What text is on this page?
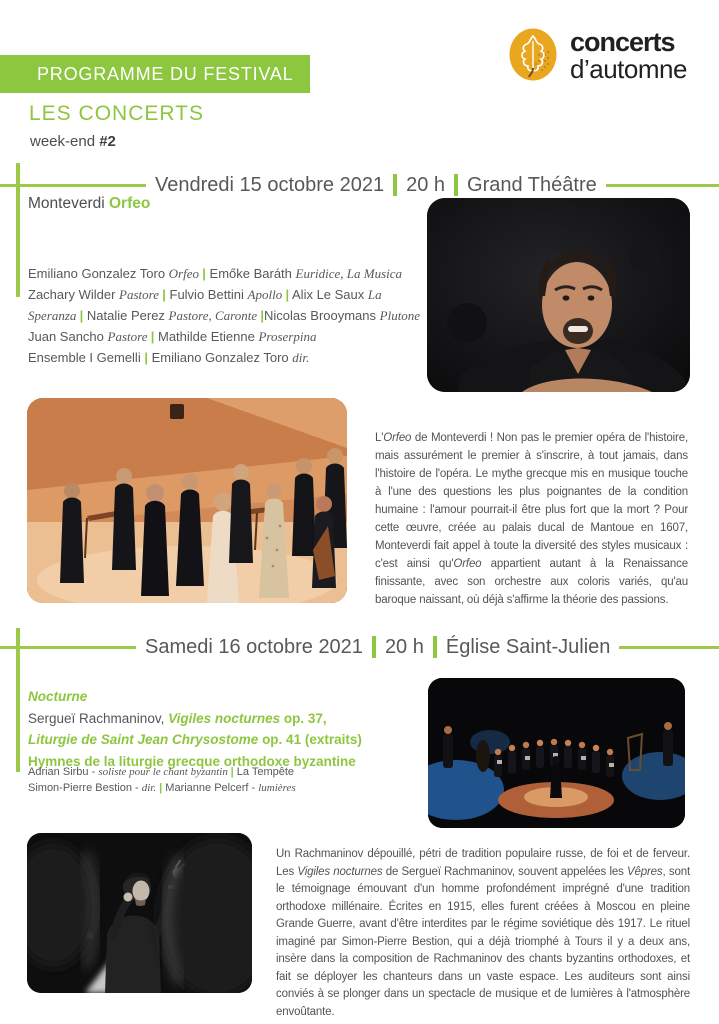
PROGRAMME DU FESTIVAL
concerts
d’automne
LES CONCERTS
week-end #2
Vendredi 15 octobre 2021 20 h Grand Théâtre
Monteverdi Orfeo
Emiliano Gonzalez Toro Orfeo | Emőke Baráth Euridice, La Musica
Zachary Wilder Pastore | Fulvio Bettini Apollo | Alix Le Saux La
Speranza | Natalie Perez Pastore, Caronte |Nicolas Brooymans Plutone
Juan Sancho Pastore | Mathilde Etienne Proserpina
Ensemble I Gemelli | Emiliano Gonzalez Toro dir.
L'Orfeo de Monteverdi ! Non pas le premier opéra de l'histoire, mais assurément le premier à s'inscrire, à tout jamais, dans l'histoire de l'opéra. Le mythe grecque mis en musique touche à l'une des questions les plus poignantes de la condition humaine : l'amour pourrait-il être plus fort que la mort ? Pour cette œuvre, créée au palais ducal de Mantoue en 1607, Monteverdi fait appel à toute la diversité des styles musicaux : c'est ainsi qu'Orfeo appartient autant à la Renaissance finissante, avec son orchestre aux coloris variés, qu'au baroque naissant, où déjà s'affirme la théorie des passions.
Samedi 16 octobre 2021 20 h Église Saint-Julien
Nocturne
Sergueï Rachmaninov, Vigiles nocturnes op. 37,
Liturgie de Saint Jean Chrysostome op. 41 (extraits)
Hymnes de la liturgie grecque orthodoxe byzantine
Adrian Sirbu - soliste pour le chant byzantin | La Tempête
Simon-Pierre Bestion - dir. | Marianne Pelcerf - lumières
Un Rachmaninov dépouillé, pétri de tradition populaire russe, de foi et de ferveur. Les Vigiles nocturnes de Sergueï Rachmaninov, souvent appelées les Vêpres, sont le témoignage émouvant d'un homme profondément imprégné d'une tradition orthodoxe millénaire. Écrites en 1915, elles furent créées à Moscou en pleine Grande Guerre, avant d'être interdites par le régime soviétique dès 1917. Le rituel imaginé par Simon-Pierre Bestion, qui a déjà triomphé à Tours il y a deux ans, insère dans la composition de Rachmaninov des chants byzantins orthodoxes, et fait se déployer les chanteurs dans un vaste espace. Les auditeurs sont ainsi conviés à se plonger dans un spectacle de musique et de lumières à l'atmosphère envoûtante.
